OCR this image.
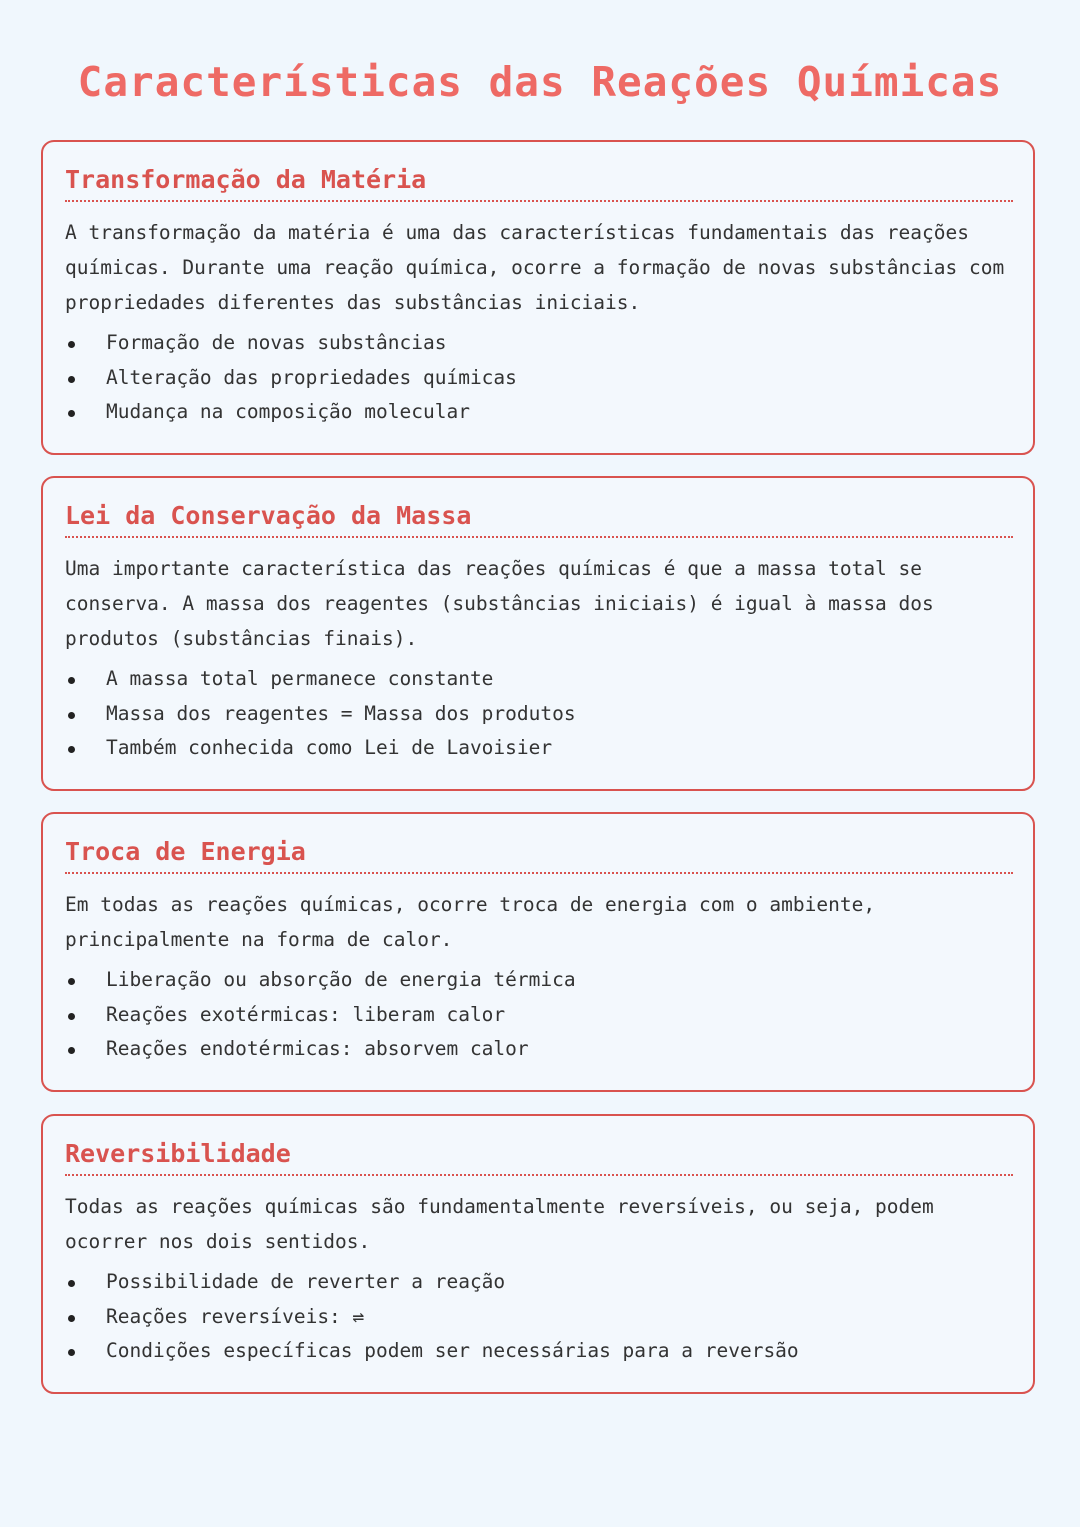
Características das Reações Químicas
Transformação da Matéria

A transformação da matéria é uma das características fundamentais das reações químicas. Durante uma reação química, ocorre a formação de novas substâncias com propriedades diferentes das substâncias iniciais.

Formação de novas substâncias
Alteração das propriedades químicas
Mudança na composição molecular
Lei da Conservação da Massa

Uma importante característica das reações químicas é que a massa total se conserva. A massa dos reagentes (substâncias iniciais) é igual à massa dos produtos (substâncias finais).

A massa total permanece constante
Massa dos reagentes = Massa dos produtos
Também conhecida como Lei de Lavoisier
Troca de Energia

Em todas as reações químicas, ocorre troca de energia com o ambiente, principalmente na forma de calor.

Liberação ou absorção de energia térmica
Reações exotérmicas: liberam calor
Reações endotérmicas: absorvem calor
Reversibilidade

Todas as reações químicas são fundamentalmente reversíveis, ou seja, podem ocorrer nos dois sentidos.

Possibilidade de reverter a reação
Reações reversíveis: ⇌
Condições específicas podem ser necessárias para a reversão
